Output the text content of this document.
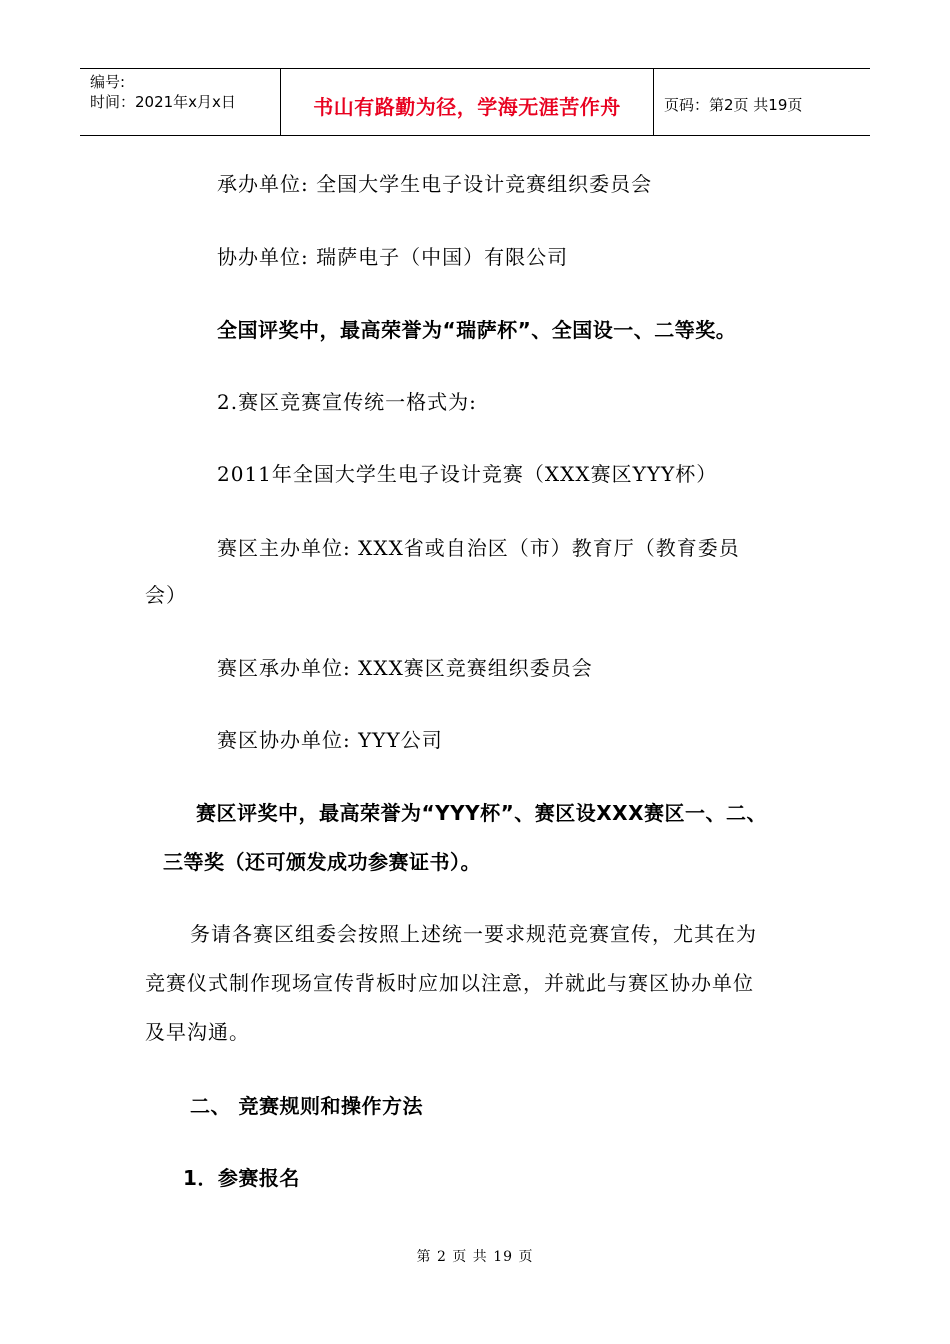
编号:
时间：2021年x月x日	书山有路勤为径，学海无涯苦作舟	页码：第2页 共19页
承办单位: 全国大学生电子设计竞赛组织委员会
协办单位: 瑞萨电子（中国）有限公司
全国评奖中，最高荣誉为“瑞萨杯”、全国设一、二等奖。
2.赛区竞赛宣传统一格式为:
2011年全国大学生电子设计竞赛（XXX赛区YYY杯）
赛区主办单位: XXX省或自治区（市）教育厅（教育委员
会）
赛区承办单位: XXX赛区竞赛组织委员会
赛区协办单位: YYY公司
赛区评奖中，最高荣誉为“YYY杯”、赛区设XXX赛区一、二、
三等奖（还可颁发成功参赛证书）。
务请各赛区组委会按照上述统一要求规范竞赛宣传，尤其在为
竞赛仪式制作现场宣传背板时应加以注意，并就此与赛区协办单位
及早沟通。
二、 竞赛规则和操作方法
1．参赛报名
第 2 页 共 19 页
